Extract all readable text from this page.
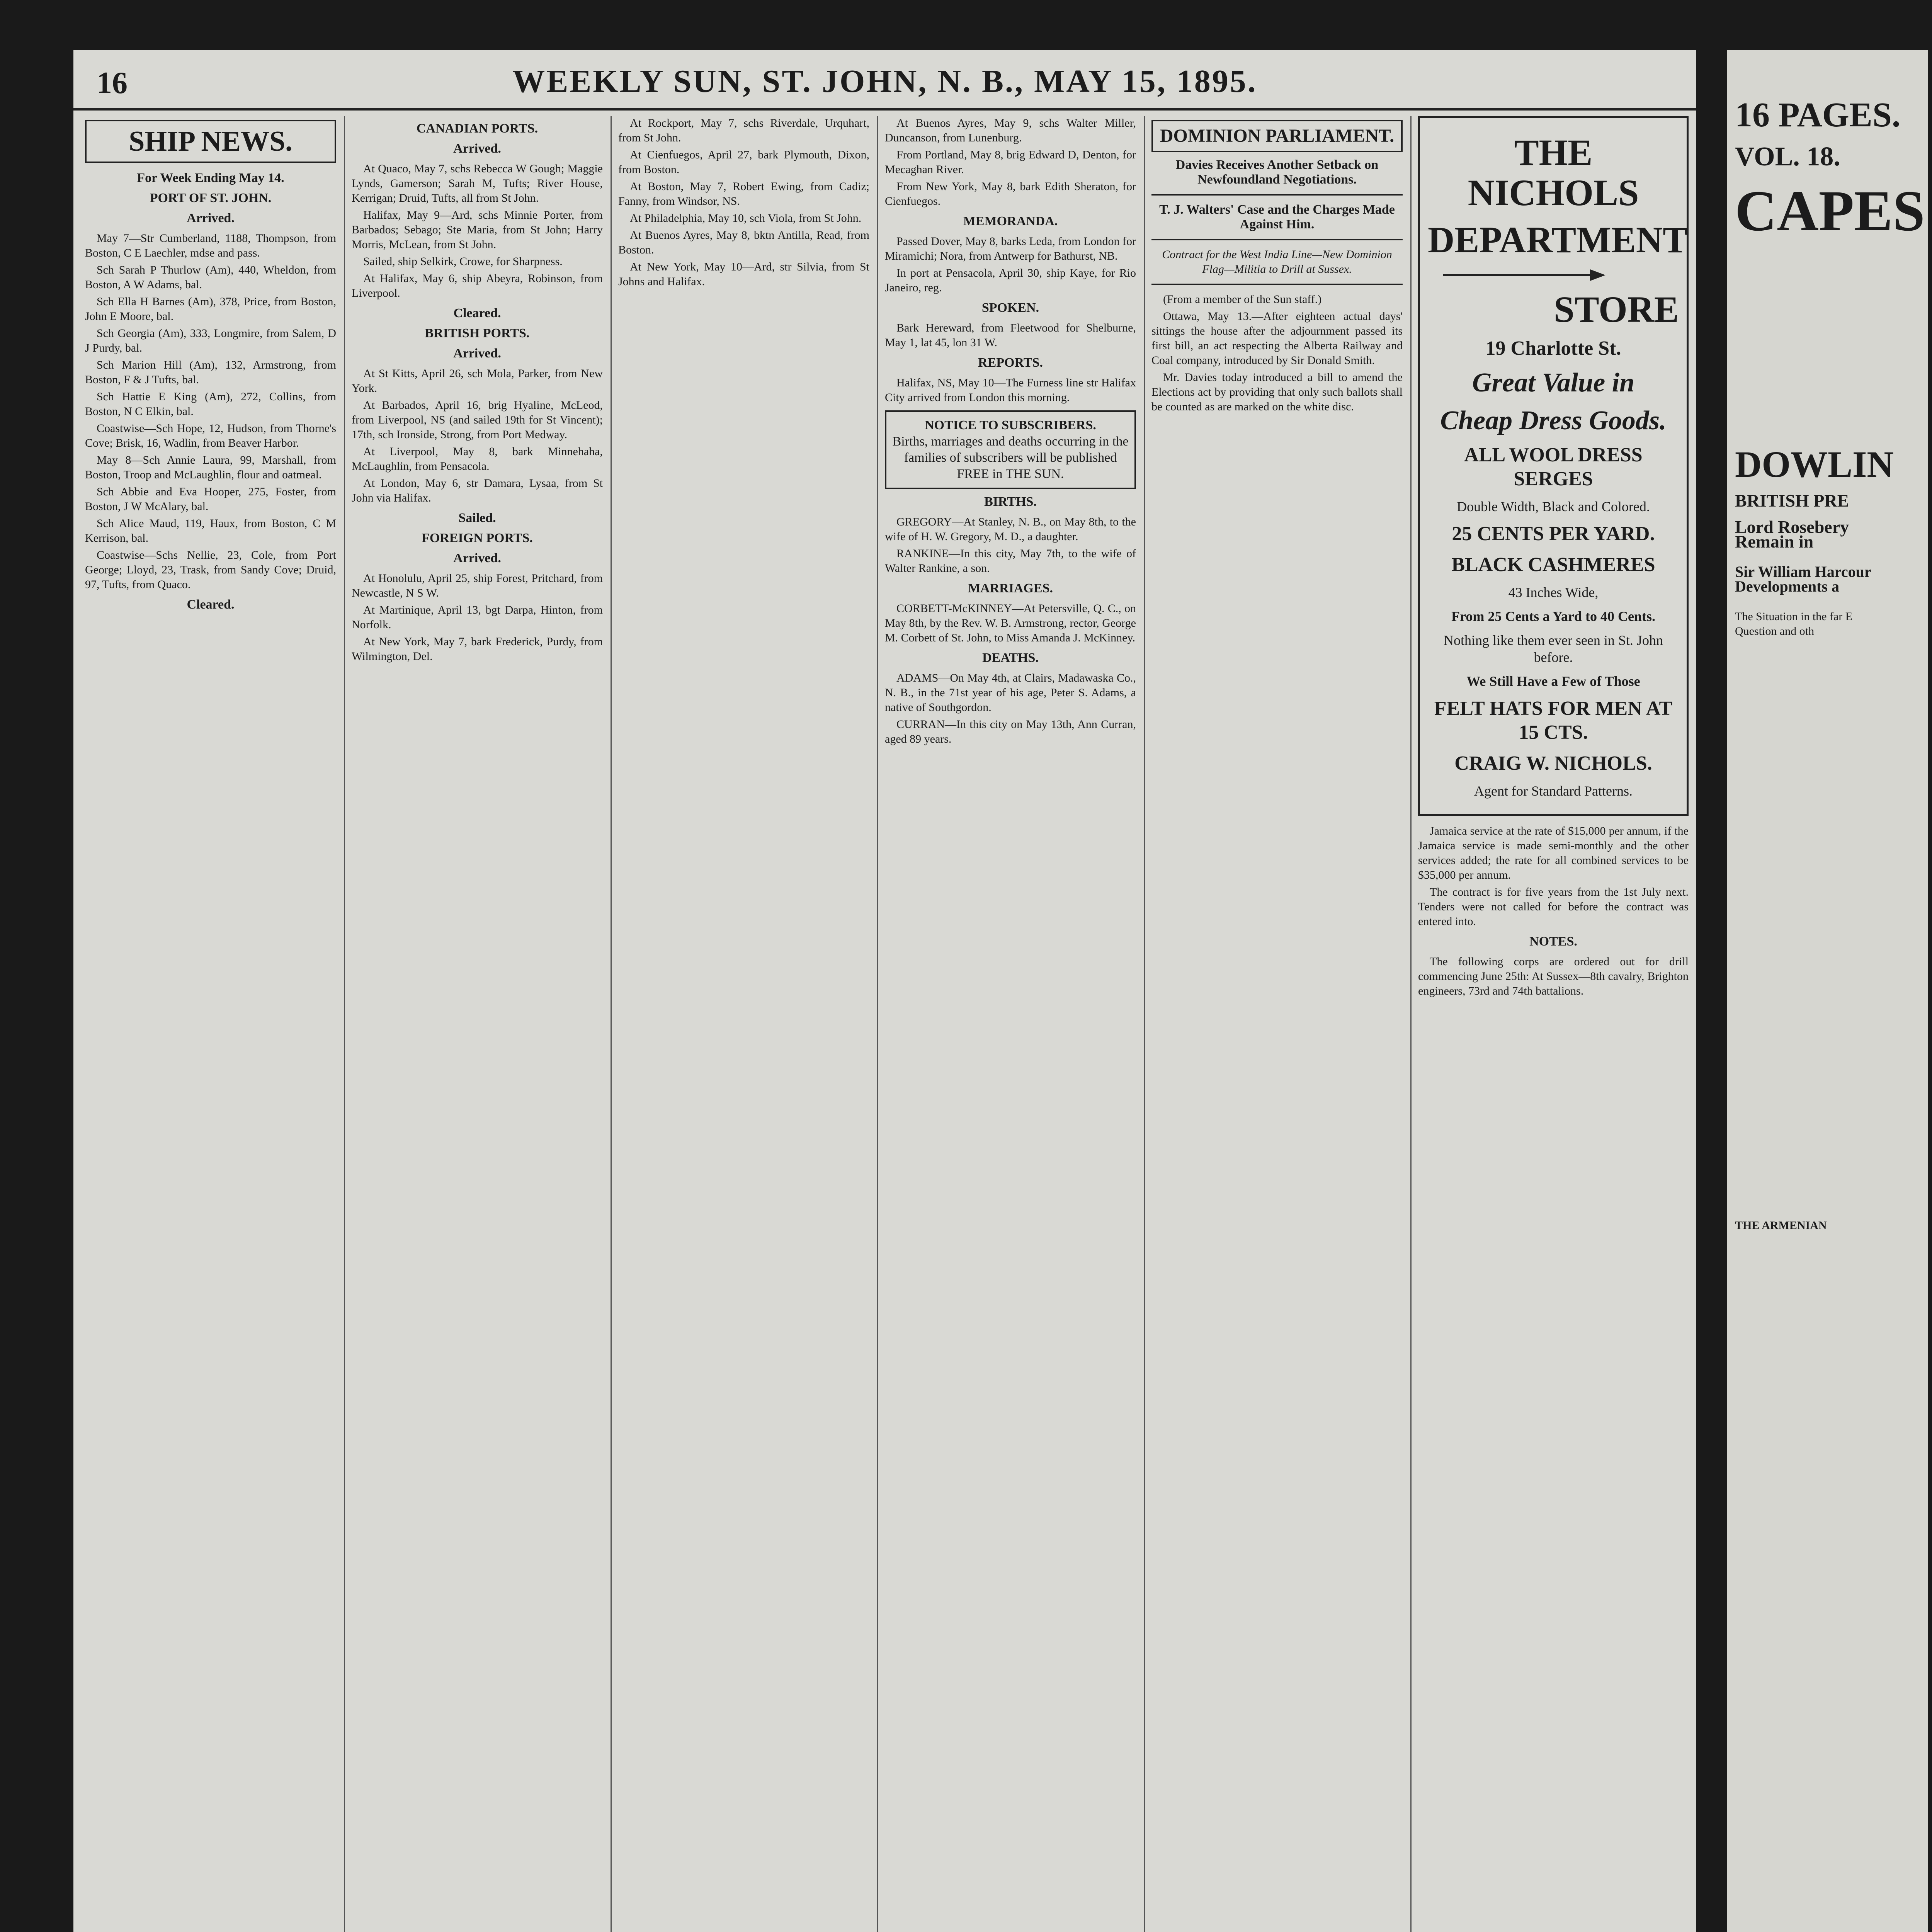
16	WEEKLY SUN, ST. JOHN, N. B., MAY 15, 1895.
SHIP NEWS.
For Week Ending May 14.
PORT OF ST. JOHN.
Arrived.

May 7—Str Cumberland, 1188, Thompson, from Boston, C E Laechler, mdse and pass.

Sch Sarah P Thurlow (Am), 440, Wheldon, from Boston, A W Adams, bal.

Sch Ella H Barnes (Am), 378, Price, from Boston, John E Moore, bal.

Sch Georgia (Am), 333, Longmire, from Salem, D J Purdy, bal.

Sch Marion Hill (Am), 132, Armstrong, from Boston, F & J Tufts, bal.

Sch Hattie E King (Am), 272, Collins, from Boston, N C Elkin, bal.

Coastwise—Sch Hope, 12, Hudson, from Thorne's Cove; Brisk, 16, Wadlin, from Beaver Harbor.

May 8—Sch Annie Laura, 99, Marshall, from Boston, Troop and McLaughlin, flour and oatmeal.

Sch Abbie and Eva Hooper, 275, Foster, from Boston, J W McAlary, bal.

Sch Alice Maud, 119, Haux, from Boston, C M Kerrison, bal.

Coastwise—Schs Nellie, 23, Cole, from Port George; Lloyd, 23, Trask, from Sandy Cove; Druid, 97, Tufts, from Quaco.

Cleared.
CANADIAN PORTS.
Arrived.

At Quaco, May 7, schs Rebecca W Gough; Maggie Lynds, Gamerson; Sarah M, Tufts; River House, Kerrigan; Druid, Tufts, all from St John.

Halifax, May 9—Ard, schs Minnie Porter, from Barbados; Sebago; Ste Maria, from St John; Harry Morris, McLean, from St John.

Sailed, ship Selkirk, Crowe, for Sharpness.

At Halifax, May 6, ship Abeyra, Robinson, from Liverpool.

Cleared.
BRITISH PORTS.
Arrived.

At St Kitts, April 26, sch Mola, Parker, from New York.

At Barbados, April 16, brig Hyaline, McLeod, from Liverpool, NS (and sailed 19th for St Vincent); 17th, sch Ironside, Strong, from Port Medway.

At Liverpool, May 8, bark Minnehaha, McLaughlin, from Pensacola.

At London, May 6, str Damara, Lysaa, from St John via Halifax.

Sailed.
FOREIGN PORTS.
Arrived.

At Honolulu, April 25, ship Forest, Pritchard, from Newcastle, N S W.

At Martinique, April 13, bgt Darpa, Hinton, from Norfolk.

At New York, May 7, bark Frederick, Purdy, from Wilmington, Del.

At Rockport, May 7, schs Riverdale, Urquhart, from St John.

At Cienfuegos, April 27, bark Plymouth, Dixon, from Boston.

At Boston, May 7, Robert Ewing, from Cadiz; Fanny, from Windsor, NS.

At Philadelphia, May 10, sch Viola, from St John.

At Buenos Ayres, May 8, bktn Antilla, Read, from Boston.

At New York, May 10—Ard, str Silvia, from St Johns and Halifax.

At Buenos Ayres, May 9, schs Walter Miller, Duncanson, from Lunenburg.

From Portland, May 8, brig Edward D, Denton, for Mecaghan River.

From New York, May 8, bark Edith Sheraton, for Cienfuegos.

MEMORANDA.

Passed Dover, May 8, barks Leda, from London for Miramichi; Nora, from Antwerp for Bathurst, NB.

In port at Pensacola, April 30, ship Kaye, for Rio Janeiro, reg.

SPOKEN.

Bark Hereward, from Fleetwood for Shelburne, May 1, lat 45, lon 31 W.

REPORTS.

Halifax, NS, May 10—The Furness line str Halifax City arrived from London this morning.

NOTICE TO SUBSCRIBERS.
Births, marriages and deaths occurring in the families of subscribers will be published FREE in THE SUN.
BIRTHS.

GREGORY—At Stanley, N. B., on May 8th, to the wife of H. W. Gregory, M. D., a daughter.

RANKINE—In this city, May 7th, to the wife of Walter Rankine, a son.

MARRIAGES.

CORBETT-McKINNEY—At Petersville, Q. C., on May 8th, by the Rev. W. B. Armstrong, rector, George M. Corbett of St. John, to Miss Amanda J. McKinney.

DEATHS.

ADAMS—On May 4th, at Clairs, Madawaska Co., N. B., in the 71st year of his age, Peter S. Adams, a native of Southgordon.

CURRAN—In this city on May 13th, Ann Curran, aged 89 years.

DOMINION PARLIAMENT.
Davies Receives Another Setback on Newfoundland Negotiations.
T. J. Walters' Case and the Charges Made Against Him.
Contract for the West India Line—New Dominion Flag—Militia to Drill at Sussex.

(From a member of the Sun staff.)

Ottawa, May 13.—After eighteen actual days' sittings the house after the adjournment passed its first bill, an act respecting the Alberta Railway and Coal company, introduced by Sir Donald Smith.

Mr. Davies today introduced a bill to amend the Elections act by providing that only such ballots shall be counted as are marked on the white disc.

THE NICHOLS
DEPARTMENT
STORE
19 Charlotte St.
Great Value in
Cheap Dress Goods.
ALL WOOL DRESS SERGES
Double Width, Black and Colored.
25 CENTS PER YARD.
BLACK CASHMERES
43 Inches Wide,
From 25 Cents a Yard to 40 Cents.
Nothing like them ever seen in St. John before.
We Still Have a Few of Those
FELT HATS FOR MEN AT 15 CTS.
CRAIG W. NICHOLS.
Agent for Standard Patterns.

Jamaica service at the rate of $15,000 per annum, if the Jamaica service is made semi-monthly and the other services added; the rate for all combined services to be $35,000 per annum.

The contract is for five years from the 1st July next. Tenders were not called for before the contract was entered into.

NOTES.

The following corps are ordered out for drill commencing June 25th: At Sussex—8th cavalry, Brighton engineers, 73rd and 74th battalions.

16 PAGES.
VOL. 18.
CAPES
DOWLIN
BRITISH PRE
Lord Rosebery
Remain in
Sir William Harcour
Developments a
The Situation in the far E
Question and oth
THE ARMENIAN
